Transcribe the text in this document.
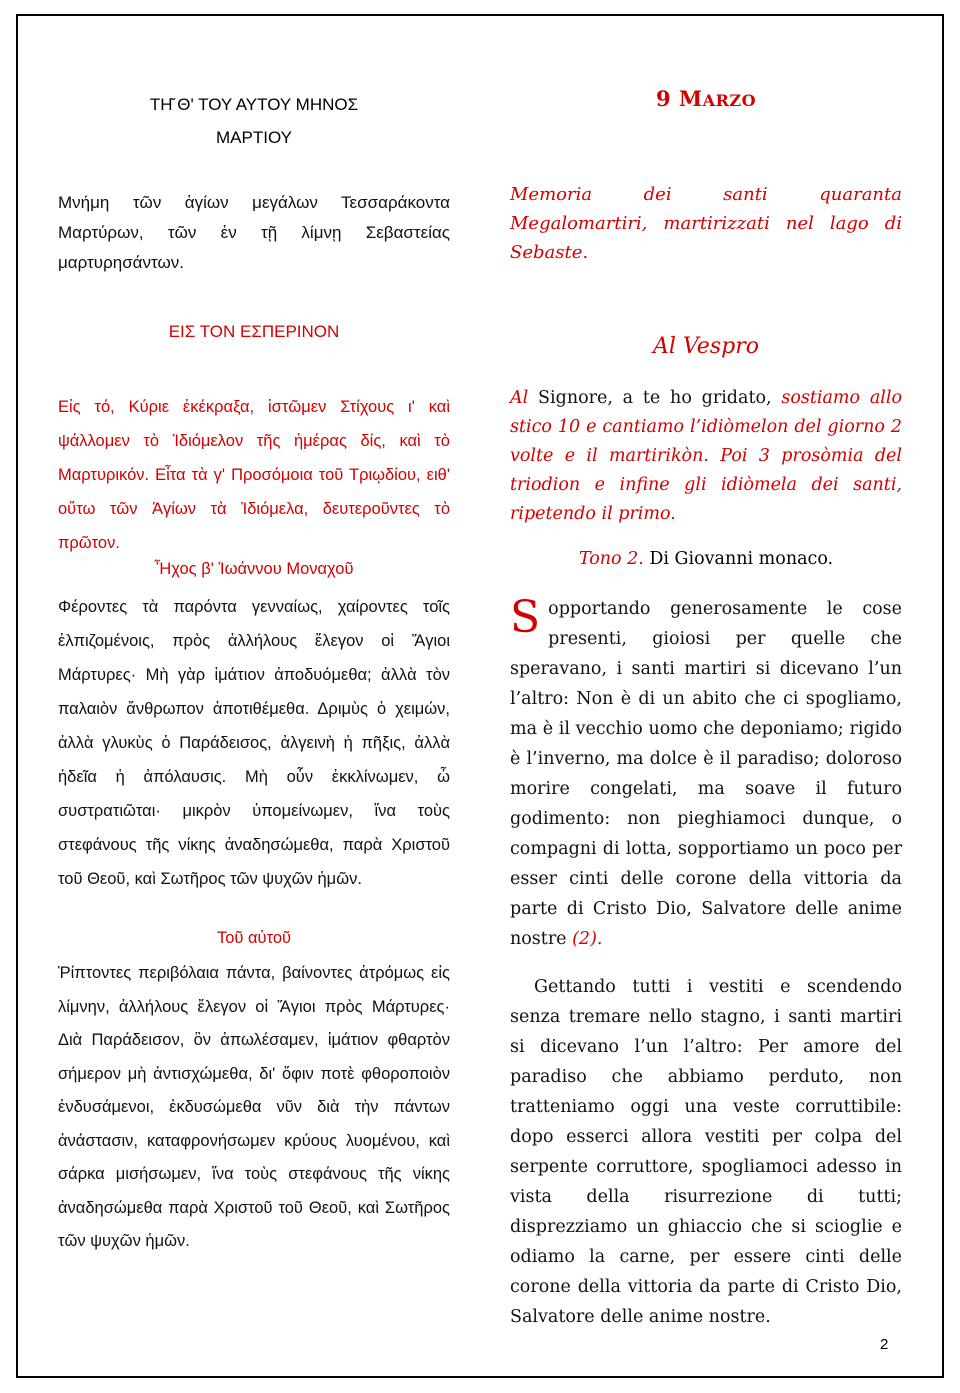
ΤΗ͂ Θ' ΤΟΥ ΑΥΤΟΥ ΜΗΝΟΣ
ΜΑΡΤΙΟΥ

Μνήμη τῶν ἁγίων μεγάλων Τεσσαράκοντα Μαρτύρων, τῶν ἐν τῇ λίμνῃ Σεβαστείας μαρτυρησάντων.

ΕΙΣ ΤΟΝ ΕΣΠΕΡΙΝΟΝ

Εἰς τό, Κύριε ἐκέκραξα, ἱστῶμεν Στίχους ι' καὶ ψάλλομεν τὸ Ἰδιόμελον τῆς ἡμέρας δίς, καὶ τὸ Μαρτυρικόν. Εἶτα τὰ γ' Προσόμοια τοῦ Τριῳδίου, ειθ' οὕτω τῶν Ἁγίων τὰ Ἰδιόμελα, δευτεροῦντες τὸ πρῶτον.

Ἦχος β' Ἰωάννου Μοναχοῦ

Φέροντες τὰ παρόντα γενναίως, χαίροντες τοῖς ἐλπιζομένοις, πρὸς ἀλλήλους ἔλεγον οἱ Ἅγιοι Μάρτυρες· Μὴ γὰρ ἱμάτιον ἀποδυόμεθα; ἀλλὰ τὸν παλαιὸν ἄνθρωπον ἀποτιθέμεθα. Δριμὺς ὁ χειμών, ἀλλὰ γλυκὺς ὁ Παράδεισος, ἀλγεινὴ ἡ πῆξις, ἀλλὰ ἡδεῖα ἡ ἀπόλαυσις. Μὴ οὖν ἐκκλίνωμεν, ὦ συστρατιῶται· μικρὸν ὑπομείνωμεν, ἵνα τοὺς στεφάνους τῆς νίκης ἀναδησώμεθα, παρὰ Χριστοῦ τοῦ Θεοῦ, καὶ Σωτῆρος τῶν ψυχῶν ἡμῶν.

Τοῦ αὐτοῦ

Ῥίπτοντες περιβόλαια πάντα, βαίνοντες ἀτρόμως εἰς λίμνην, ἀλλήλους ἔλεγον οἱ Ἅγιοι πρὸς Μάρτυρες· Διὰ Παράδεισον, ὃν ἀπωλέσαμεν, ἱμάτιον φθαρτὸν σήμερον μὴ ἀντισχώμεθα, δι' ὄφιν ποτὲ φθοροποιὸν ἐνδυσάμενοι, ἐκδυσώμεθα νῦν διὰ τὴν πάντων ἀνάστασιν, καταφρονήσωμεν κρύους λυομένου, καὶ σάρκα μισήσωμεν, ἵνα τοὺς στεφάνους τῆς νίκης ἀναδησώμεθα παρὰ Χριστοῦ τοῦ Θεοῦ, καὶ Σωτῆρος τῶν ψυχῶν ἡμῶν.

9 MARZO

Memoria dei santi quaranta Megalomartiri, martirizzati nel lago di Sebaste.

Al Vespro

Al Signore, a te ho gridato, sostiamo allo stico 10 e cantiamo l’idiòmelon del giorno 2 volte e il martirikòn. Poi 3 prosòmia del triodion e infine gli idiòmela dei santi, ripetendo il primo.

Tono 2. Di Giovanni monaco.
Sopportando generosamente le cose presenti, gioiosi per quelle che speravano, i santi martiri si dicevano l’un l’altro: Non è di un abito che ci spogliamo, ma è il vecchio uomo che deponiamo; rigido è l’inverno, ma dolce è il paradiso; doloroso morire congelati, ma soave il futuro godimento: non pieghiamoci dunque, o compagni di lotta, sopportiamo un poco per esser cinti delle corone della vittoria da parte di Cristo Dio, Salvatore delle anime nostre (2).

Gettando tutti i vestiti e scendendo senza tremare nello stagno, i santi martiri si dicevano l’un l’altro: Per amore del paradiso che abbiamo perduto, non tratteniamo oggi una veste corruttibile: dopo esserci allora vestiti per colpa del serpente corruttore, spogliamoci adesso in vista della risurrezione di tutti; disprezziamo un ghiaccio che si scioglie e odiamo la carne, per essere cinti delle corone della vittoria da parte di Cristo Dio, Salvatore delle anime nostre.

2
